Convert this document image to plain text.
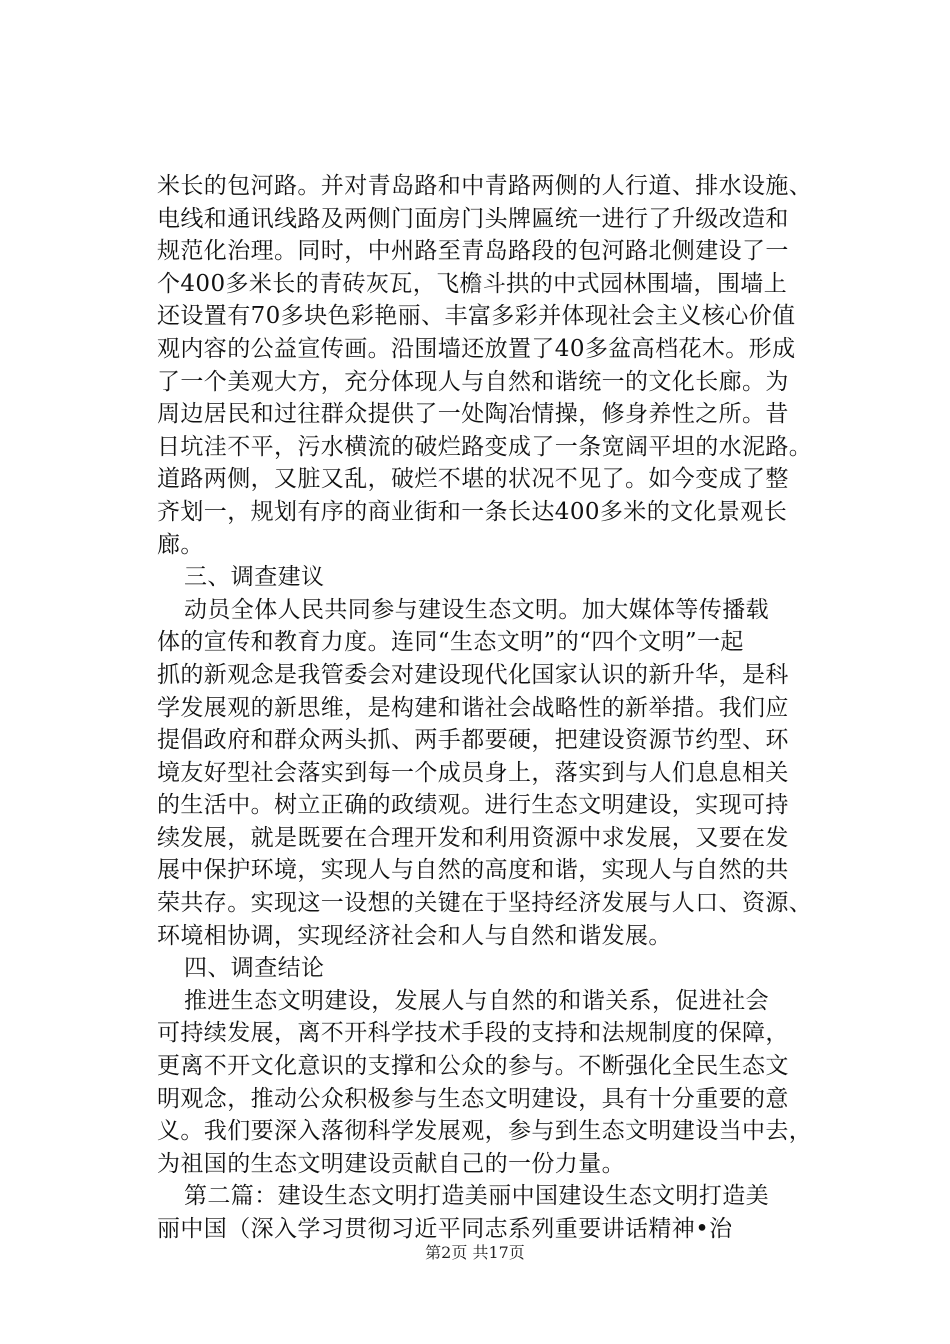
米长的包河路。并对青岛路和中青路两侧的人行道、排水设施、
电线和通讯线路及两侧门面房门头牌匾统一进行了升级改造和
规范化治理。同时，中州路至青岛路段的包河路北侧建设了一
个400多米长的青砖灰瓦，飞檐斗拱的中式园林围墙，围墙上
还设置有70多块色彩艳丽、丰富多彩并体现社会主义核心价值
观内容的公益宣传画。沿围墙还放置了40多盆高档花木。形成
了一个美观大方，充分体现人与自然和谐统一的文化长廊。为
周边居民和过往群众提供了一处陶冶情操，修身养性之所。昔
日坑洼不平，污水横流的破烂路变成了一条宽阔平坦的水泥路。
道路两侧，又脏又乱，破烂不堪的状况不见了。如今变成了整
齐划一，规划有序的商业街和一条长达400多米的文化景观长
廊。
三、调查建议
动员全体人民共同参与建设生态文明。加大媒体等传播载
体的宣传和教育力度。连同“生态文明”的“四个文明”一起
抓的新观念是我管委会对建设现代化国家认识的新升华，是科
学发展观的新思维，是构建和谐社会战略性的新举措。我们应
提倡政府和群众两头抓、两手都要硬，把建设资源节约型、环
境友好型社会落实到每一个成员身上，落实到与人们息息相关
的生活中。树立正确的政绩观。进行生态文明建设，实现可持
续发展，就是既要在合理开发和利用资源中求发展，又要在发
展中保护环境，实现人与自然的高度和谐，实现人与自然的共
荣共存。实现这一设想的关键在于坚持经济发展与人口、资源、
环境相协调，实现经济社会和人与自然和谐发展。
四、调查结论
推进生态文明建设，发展人与自然的和谐关系，促进社会
可持续发展，离不开科学技术手段的支持和法规制度的保障，
更离不开文化意识的支撑和公众的参与。不断强化全民生态文
明观念，推动公众积极参与生态文明建设，具有十分重要的意
义。我们要深入落彻科学发展观，参与到生态文明建设当中去，
为祖国的生态文明建设贡献自己的一份力量。
第二篇：建设生态文明打造美丽中国建设生态文明打造美
丽中国（深入学习贯彻习近平同志系列重要讲话精神•治
第2页 共17页
